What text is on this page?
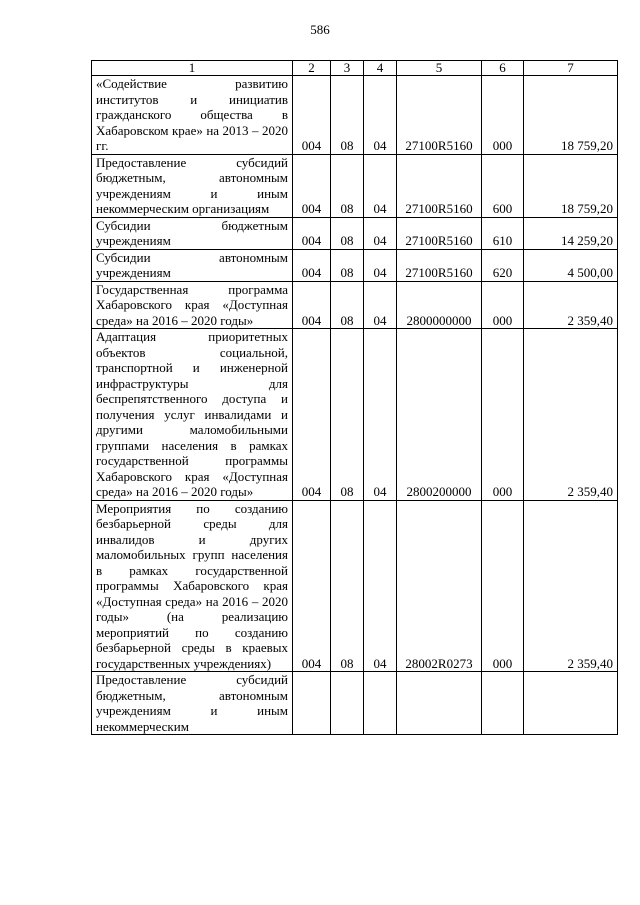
586
1	2	3	4	5	6	7
«Содействие развитию институтов и инициатив гражданского общества в Хабаровском крае» на 2013 – 2020 гг.	004	08	04	27100R5160	000	18 759,20
Предоставление субсидий бюджетным, автономным учреждениям и иным некоммерческим организациям	004	08	04	27100R5160	600	18 759,20
Субсидии бюджетным учреждениям	004	08	04	27100R5160	610	14 259,20
Субсидии автономным учреждениям	004	08	04	27100R5160	620	4 500,00
Государственная программа Хабаровского края «Доступная среда» на 2016 – 2020 годы»	004	08	04	2800000000	000	2 359,40
Адаптация приоритетных объектов социальной, транспортной и инженерной инфраструктуры для беспрепятственного доступа и получения услуг инвалидами и другими маломобильными группами населения в рамках государственной программы Хабаровского края «Доступная среда» на 2016 – 2020 годы»	004	08	04	2800200000	000	2 359,40
Мероприятия по созданию безбарьерной среды для инвалидов и других маломобильных групп населения в рамках государственной программы Хабаровского края «Доступная среда» на 2016 – 2020 годы» (на реализацию мероприятий по созданию безбарьерной среды в краевых государственных учреждениях)	004	08	04	28002R0273	000	2 359,40
Предоставление субсидий бюджетным, автономным учреждениям и иным некоммерческим						
